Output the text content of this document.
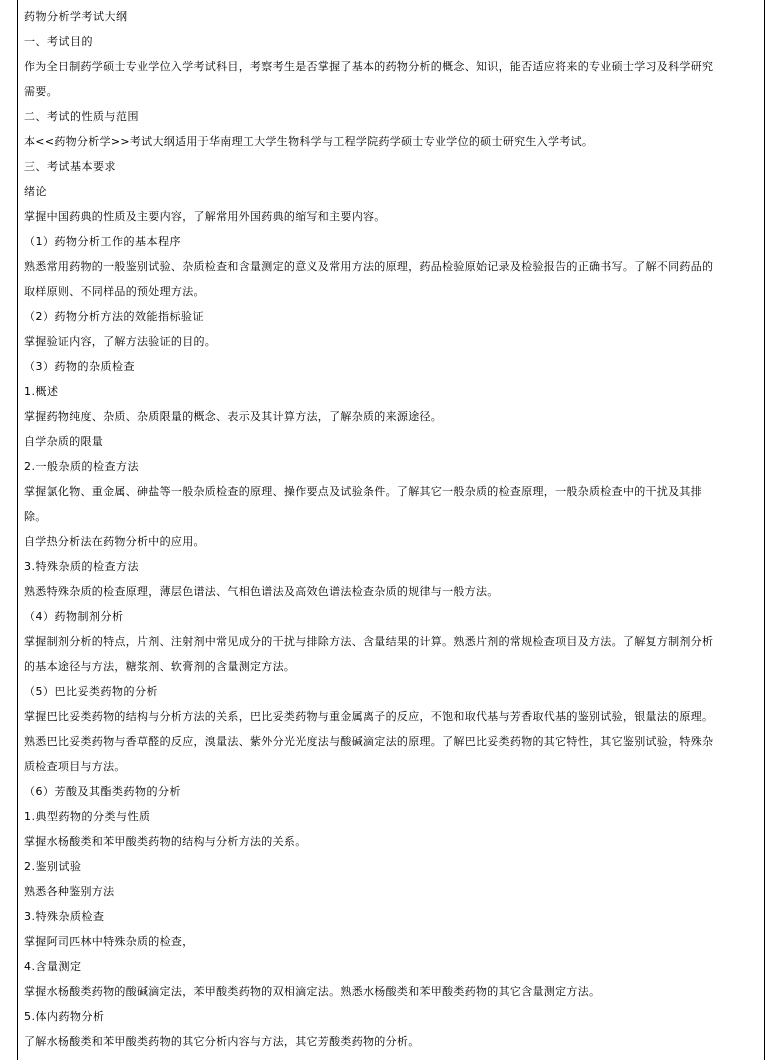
药物分析学考试大纲
一、考试目的
作为全日制药学硕士专业学位入学考试科目，考察考生是否掌握了基本的药物分析的概念、知识，能否适应将来的专业硕士学习及科学研究
需要。
二、考试的性质与范围
本<<药物分析学>>考试大纲适用于华南理工大学生物科学与工程学院药学硕士专业学位的硕士研究生入学考试。
三、考试基本要求
绪论
掌握中国药典的性质及主要内容，了解常用外国药典的缩写和主要内容。
（1）药物分析工作的基本程序
熟悉常用药物的一般鉴别试验、杂质检查和含量测定的意义及常用方法的原理，药品检验原始记录及检验报告的正确书写。了解不同药品的
取样原则、不同样品的预处理方法。
（2）药物分析方法的效能指标验证
掌握验证内容，了解方法验证的目的。
（3）药物的杂质检查
1.概述
掌握药物纯度、杂质、杂质限量的概念、表示及其计算方法，了解杂质的来源途径。
自学杂质的限量
2.一般杂质的检查方法
掌握氯化物、重金属、砷盐等一般杂质检查的原理、操作要点及试验条件。了解其它一般杂质的检查原理，一般杂质检查中的干扰及其排
除。
自学热分析法在药物分析中的应用。
3.特殊杂质的检查方法
熟悉特殊杂质的检查原理，薄层色谱法、气相色谱法及高效色谱法检查杂质的规律与一般方法。
（4）药物制剂分析
掌握制剂分析的特点，片剂、注射剂中常见成分的干扰与排除方法、含量结果的计算。熟悉片剂的常规检查项目及方法。了解复方制剂分析
的基本途径与方法，糖浆剂、软膏剂的含量测定方法。
（5）巴比妥类药物的分析
掌握巴比妥类药物的结构与分析方法的关系，巴比妥类药物与重金属离子的反应，不饱和取代基与芳香取代基的鉴别试验，银量法的原理。
熟悉巴比妥类药物与香草醛的反应，溴量法、紫外分光光度法与酸碱滴定法的原理。了解巴比妥类药物的其它特性，其它鉴别试验，特殊杂
质检查项目与方法。
（6）芳酸及其酯类药物的分析
1.典型药物的分类与性质
掌握水杨酸类和苯甲酸类药物的结构与分析方法的关系。
2.鉴别试验
熟悉各种鉴别方法
3.特殊杂质检查
掌握阿司匹林中特殊杂质的检查，
4.含量测定
掌握水杨酸类药物的酸碱滴定法，苯甲酸类药物的双相滴定法。熟悉水杨酸类和苯甲酸类药物的其它含量测定方法。
5.体内药物分析
了解水杨酸类和苯甲酸类药物的其它分析内容与方法，其它芳酸类药物的分析。
